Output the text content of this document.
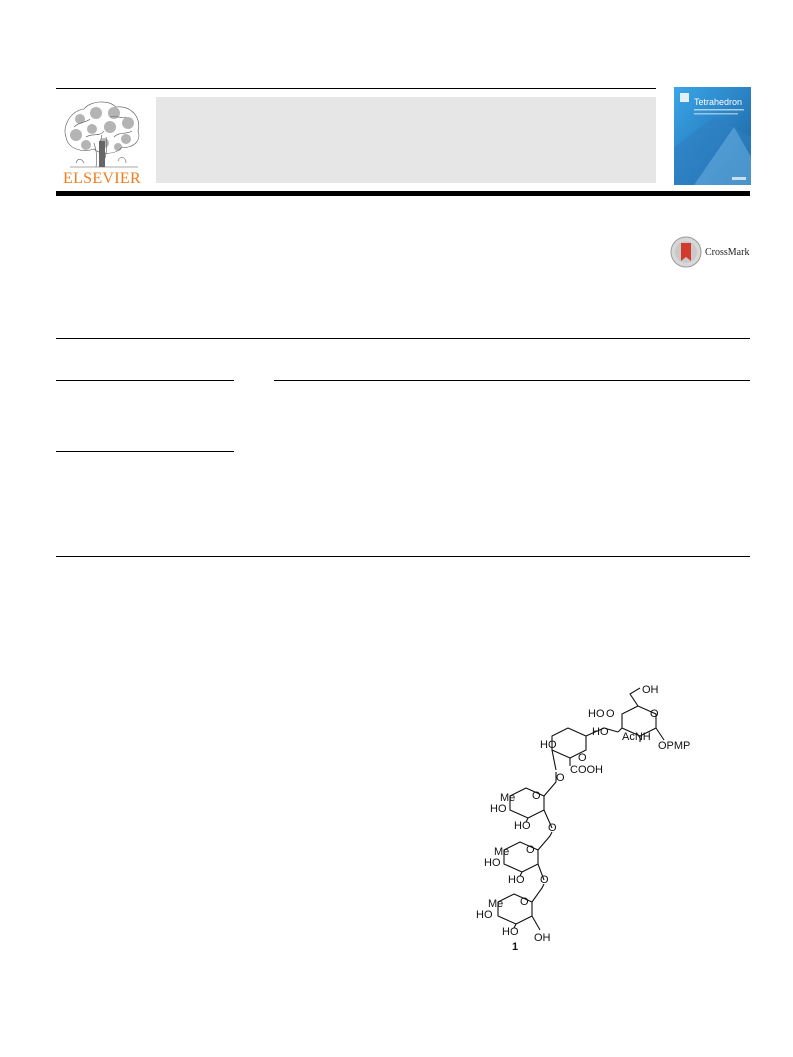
ELSEVIER
Tetrahedron
CrossMark
OH
HO O
HO
O
AcNH
OPMP
HO
O
COOH
O
Me
HO
O
HO O
Me
HO
O
HO O
Me
HO
O
HO OH
1
